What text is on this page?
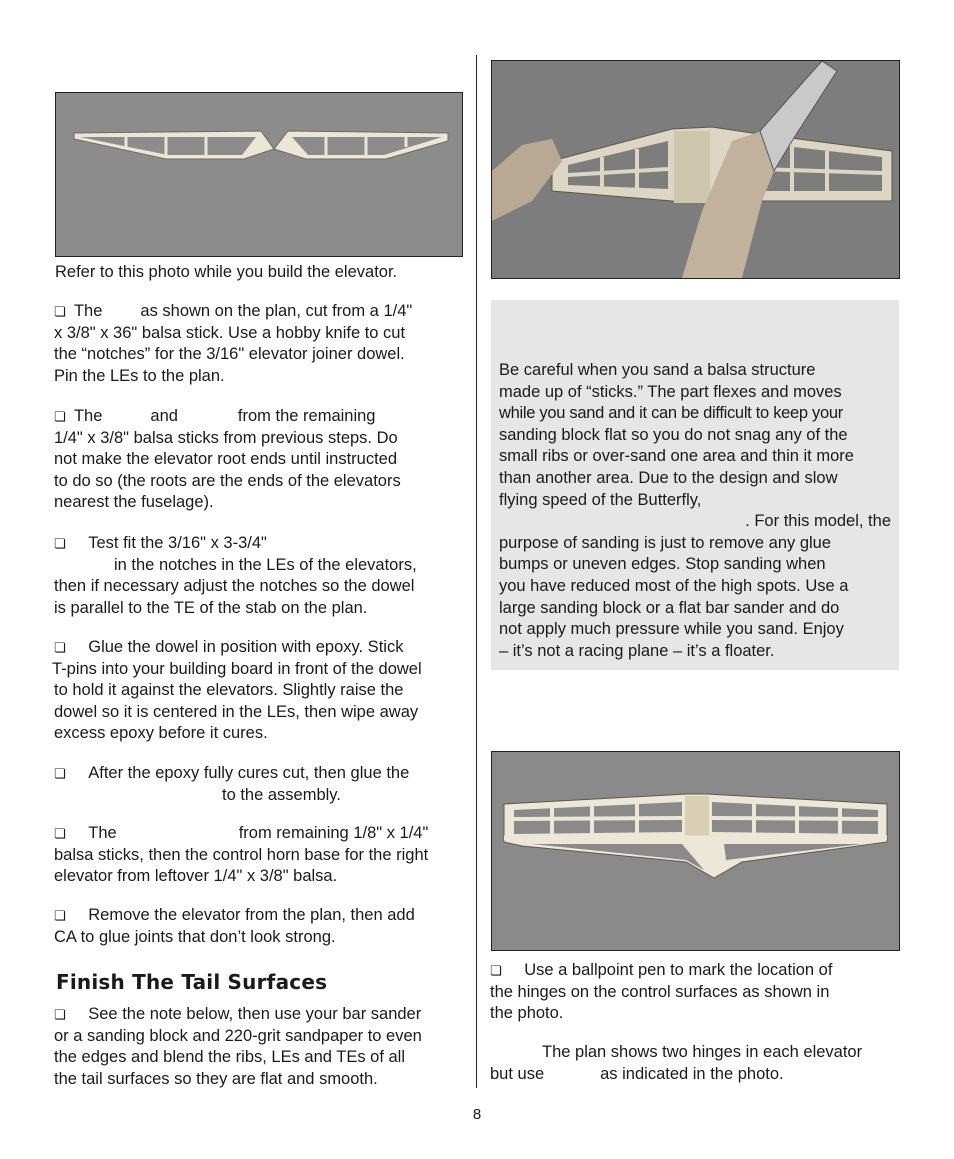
Refer to this photo while you build the elevator.
❏ The as shown on the plan, cut from a 1/4"
x 3/8" x 36" balsa stick. Use a hobby knife to cut
the “notches” for the 3/16" elevator joiner dowel.
Pin the LEs to the plan.
❏ The	and	from the remaining
1/4" x 3/8" balsa sticks from previous steps. Do
not make the elevator root ends until instructed
to do so (the roots are the ends of the elevators
nearest the fuselage).
❏ Test fit the 3/16" x 3-3/4"
in the notches in the LEs of the elevators,
then if necessary adjust the notches so the dowel
is parallel to the TE of the stab on the plan.
❏ Glue the dowel in position with epoxy. Stick
T-pins into your building board in front of the dowel
to hold it against the elevators. Slightly raise the
dowel so it is centered in the LEs, then wipe away
excess epoxy before it cures.
❏ After the epoxy fully cures cut, then glue the
to the assembly.
❏ The	from remaining 1/8" x 1/4"
balsa sticks, then the control horn base for the right
elevator from leftover 1/4" x 3/8" balsa.
❏ Remove the elevator from the plan, then add
CA to glue joints that don’t look strong.
Finish The Tail Surfaces
❏ See the note below, then use your bar sander
or a sanding block and 220-grit sandpaper to even
the edges and blend the ribs, LEs and TEs of all
the tail surfaces so they are flat and smooth.
Be careful when you sand a balsa structure
made up of “sticks.” The part flexes and moves
while you sand and it can be difficult to keep your
sanding block flat so you do not snag any of the
small ribs or over-sand one area and thin it more
than another area. Due to the design and slow
flying speed of the Butterfly,
. For this model, the
purpose of sanding is just to remove any glue
bumps or uneven edges. Stop sanding when
you have reduced most of the high spots. Use a
large sanding block or a flat bar sander and do
not apply much pressure while you sand. Enjoy
– it’s not a racing plane – it’s a floater.
❏ Use a ballpoint pen to mark the location of
the hinges on the control surfaces as shown in
the photo.
The plan shows two hinges in each elevator
but use	as indicated in the photo.
8
